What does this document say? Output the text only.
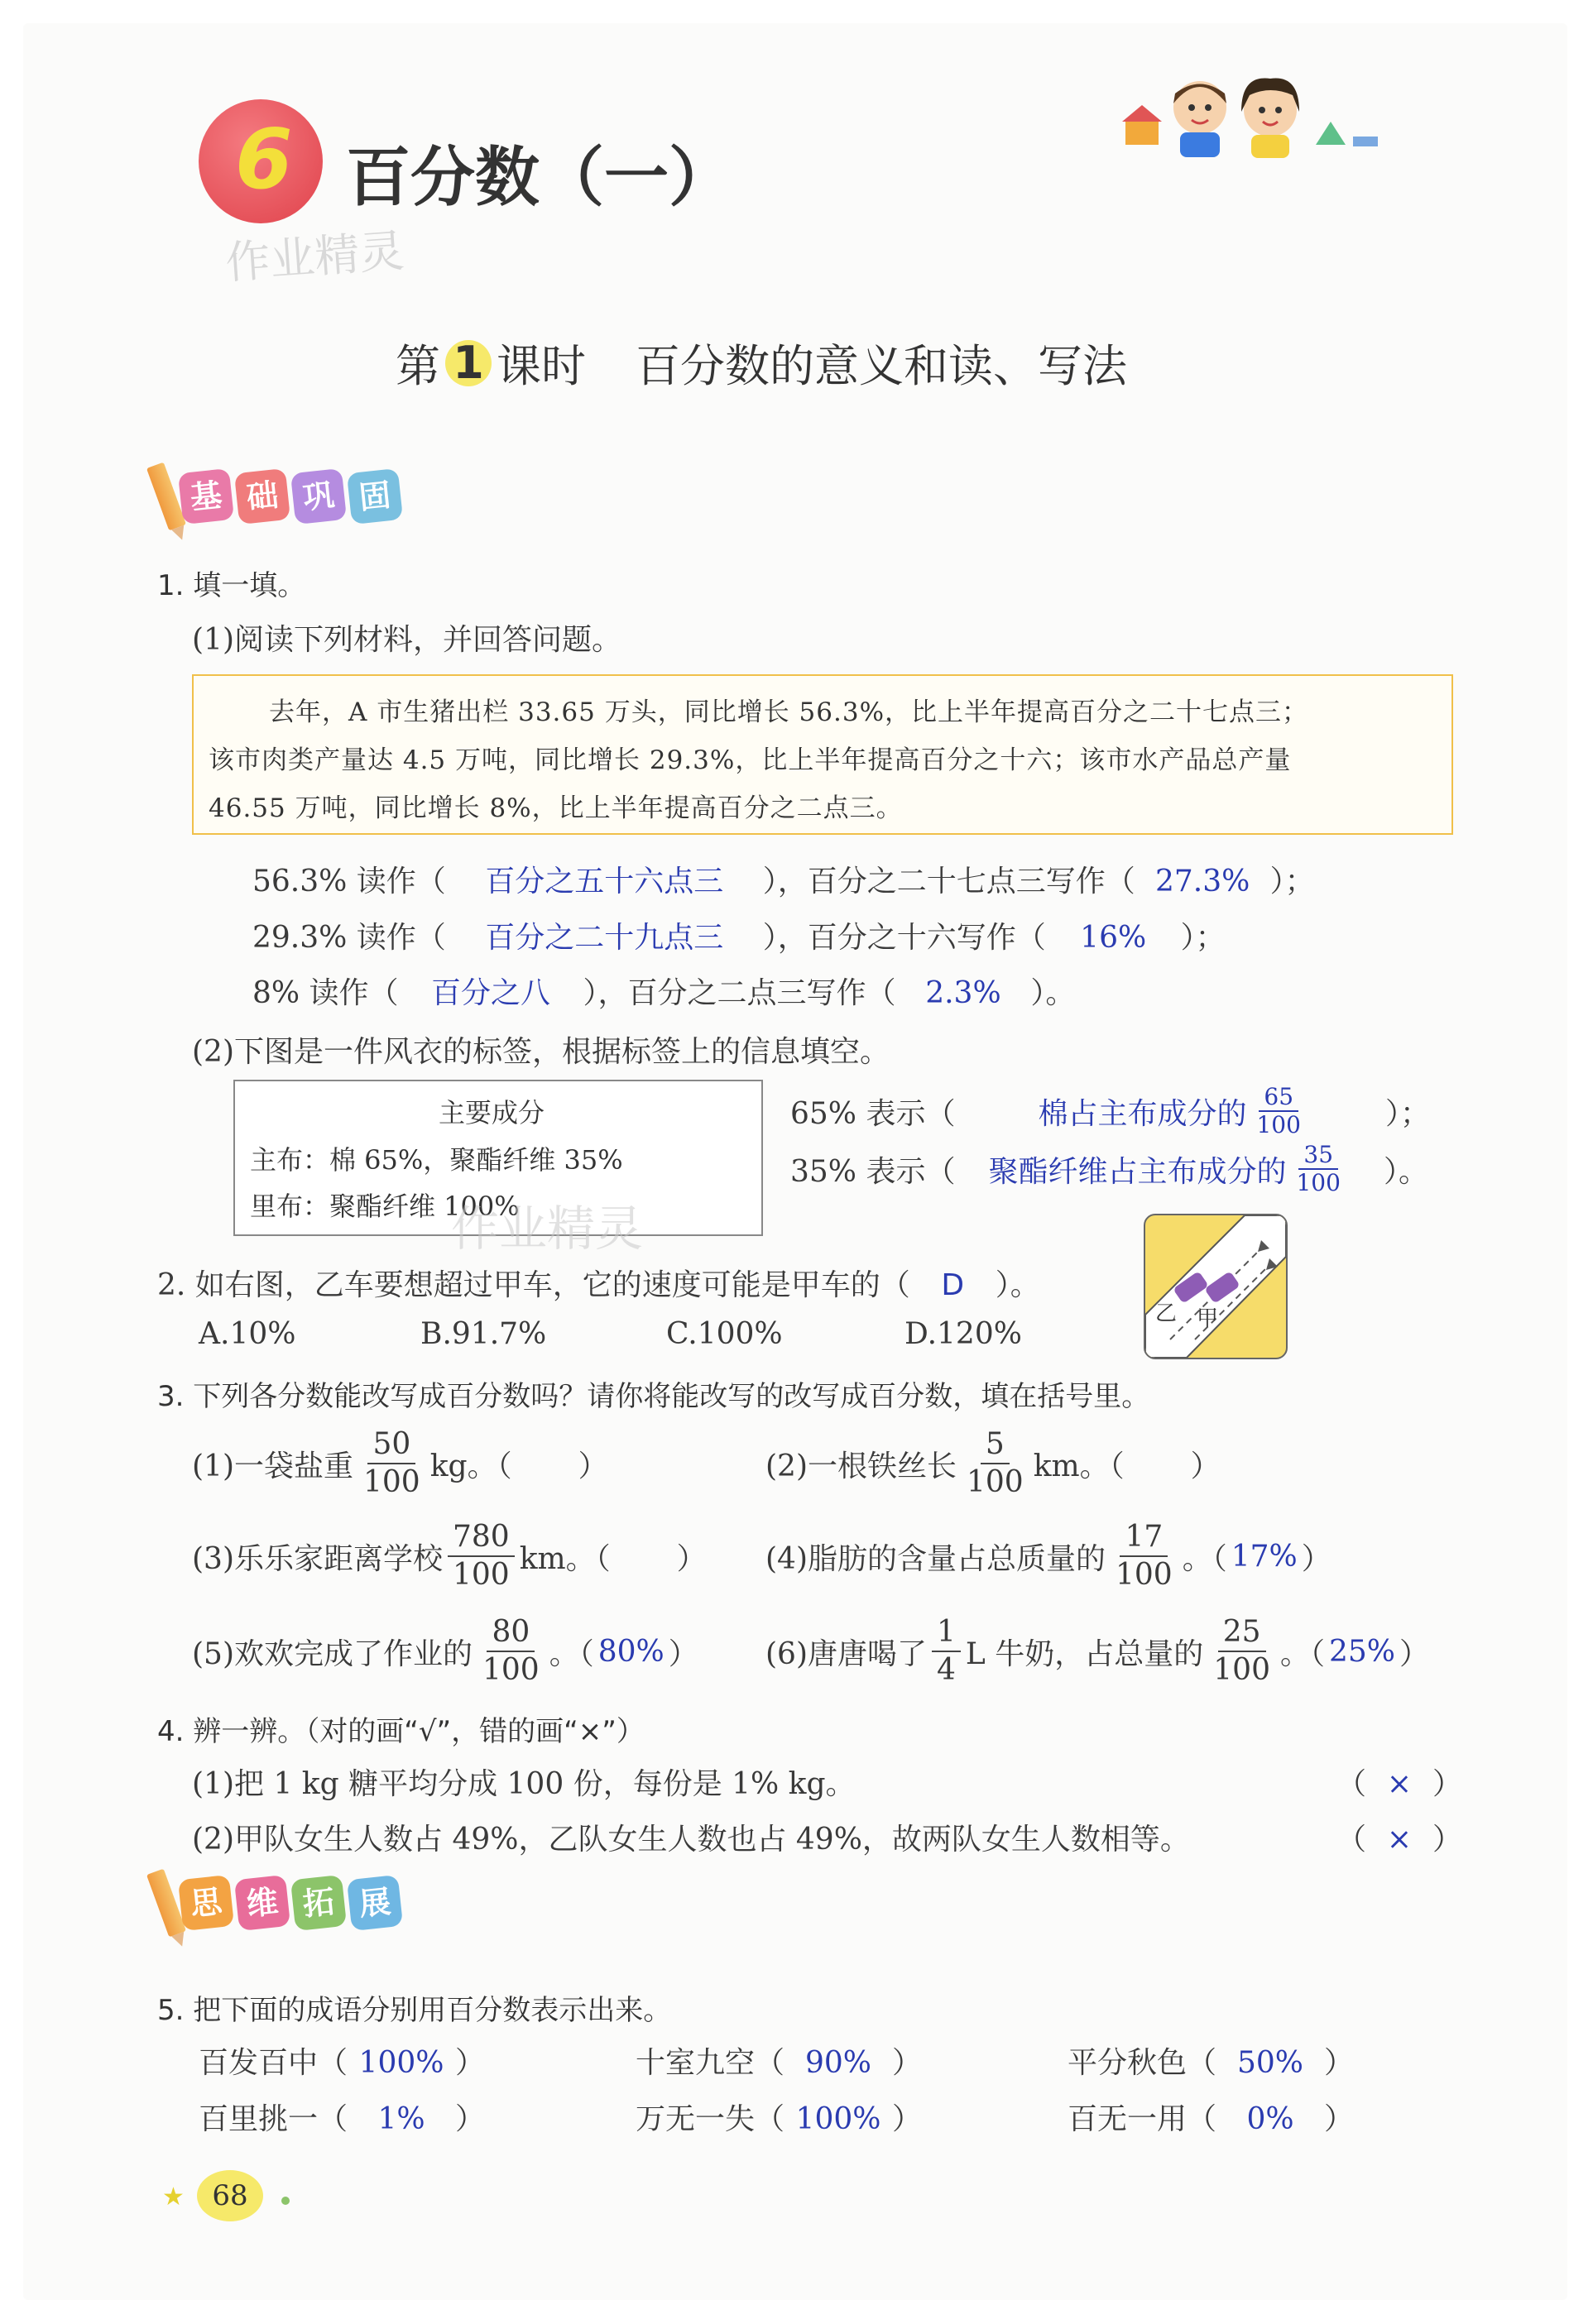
6 百分数（一）
作业精灵
第 1 课时 百分数的意义和读、写法
基 础 巩 固
1. 填一填。
(1)阅读下列材料，并回答问题。
去年，A 市生猪出栏 33.65 万头，同比增长 56.3%，比上半年提高百分之二十七点三；
该市肉类产量达 4.5 万吨，同比增长 29.3%，比上半年提高百分之十六；该市水产品总产量
46.55 万吨，同比增长 8%，比上半年提高百分之二点三。
56.3% 读作（ 百分之五十六点三 ），百分之二十七点三写作（ 27.3% ）；
29.3% 读作（ 百分之二十九点三 ），百分之十六写作（ 16% ）；
8% 读作（ 百分之八 ），百分之二点三写作（ 2.3% ）。
(2)下图是一件风衣的标签，根据标签上的信息填空。
主要成分
主布：棉 65%，聚酯纤维 35%
里布：聚酯纤维 100%
作业精灵
65% 表示（	棉占主布成分的 $\frac{65}{100}$	）；
35% 表示（ 聚酯纤维占主布成分的 $\frac{35}{100}$ ）。
2. 如右图，乙车要想超过甲车，它的速度可能是甲车的（ D ）。
A.10%	B.91.7%	C.100%	D.120%
乙 甲
3. 下列各分数能改写成百分数吗？请你将能改写的改写成百分数，填在括号里。
(1)一袋盐重 $\frac{50}{100}$ kg。（ ）	(2)一根铁丝长 $\frac{5}{100}$ km。（ ）
(3)乐乐家距离学校 $\frac{780}{100}$ km。（ ） (4)脂肪的含量占总质量的 $\frac{17}{100}$ 。（ 17% ）
(5)欢欢完成了作业的 $\frac{80}{100}$ 。（ 80% ） (6)唐唐喝了 $\frac{1}{4}$ L 牛奶，占总量的 $\frac{25}{100}$ 。（ 25% ）
4. 辨一辨。（对的画“√”，错的画“×”）
(1)把 1 kg 糖平均分成 100 份，每份是 1% kg。	（ × ）
(2)甲队女生人数占 49%，乙队女生人数也占 49%，故两队女生人数相等。	（ × ）
思 维 拓 展
5. 把下面的成语分别用百分数表示出来。
百发百中（ 100% ）	十室九空（ 90% ）	平分秋色（ 50% ）
百里挑一（ 1% ）	万无一失（ 100% ）	百无一用（ 0% ）
★ 68
